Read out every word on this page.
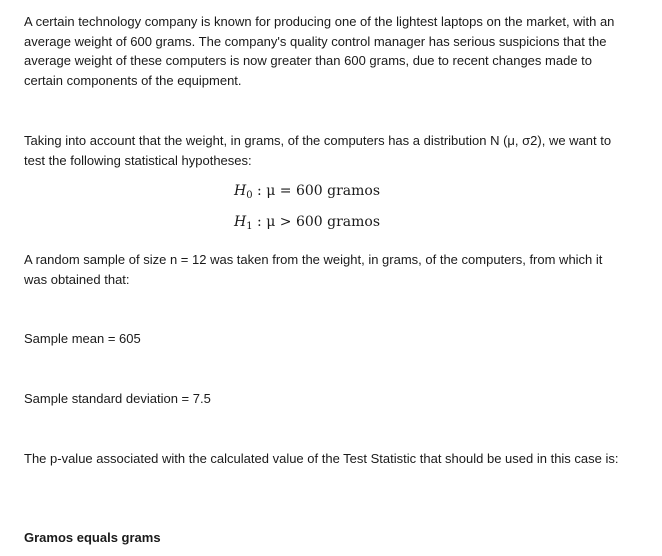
A certain technology company is known for producing one of the lightest laptops on the market, with an average weight of 600 grams. The company's quality control manager has serious suspicions that the average weight of these computers is now greater than 600 grams, due to recent changes made to certain components of the equipment.

Taking into account that the weight, in grams, of the computers has a distribution N (μ, σ2), we want to test the following statistical hypotheses:

$H_0$ : μ = 600 gramos
$H_1$ : μ > 600 gramos

A random sample of size n = 12 was taken from the weight, in grams, of the computers, from which it was obtained that:

Sample mean = 605

Sample standard deviation = 7.5

The p-value associated with the calculated value of the Test Statistic that should be used in this case is:

Gramos equals grams
